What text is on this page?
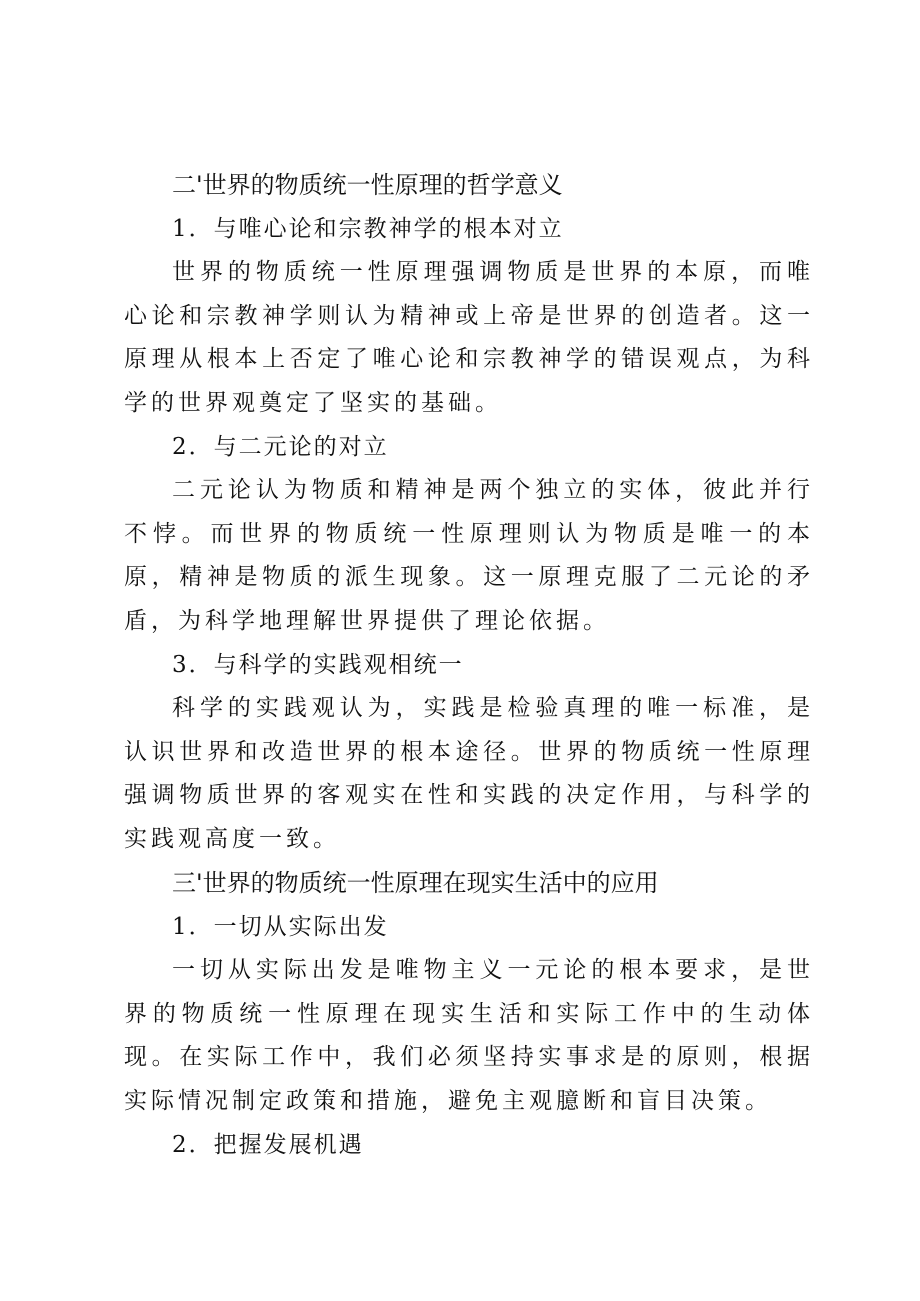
二'世界的物质统一性原理的哲学意义
1．与唯心论和宗教神学的根本对立

世界的物质统一性原理强调物质是世界的本原，而唯心论和宗教神学则认为精神或上帝是世界的创造者。这一原理从根本上否定了唯心论和宗教神学的错误观点，为科学的世界观奠定了坚实的基础。

2．与二元论的对立

二元论认为物质和精神是两个独立的实体，彼此并行不悖。而世界的物质统一性原理则认为物质是唯一的本原，精神是物质的派生现象。这一原理克服了二元论的矛盾，为科学地理解世界提供了理论依据。

3．与科学的实践观相统一

科学的实践观认为，实践是检验真理的唯一标准，是认识世界和改造世界的根本途径。世界的物质统一性原理强调物质世界的客观实在性和实践的决定作用，与科学的实践观高度一致。

三'世界的物质统一性原理在现实生活中的应用
1．一切从实际出发

一切从实际出发是唯物主义一元论的根本要求，是世界的物质统一性原理在现实生活和实际工作中的生动体现。在实际工作中，我们必须坚持实事求是的原则，根据实际情况制定政策和措施，避免主观臆断和盲目决策。

2．把握发展机遇
